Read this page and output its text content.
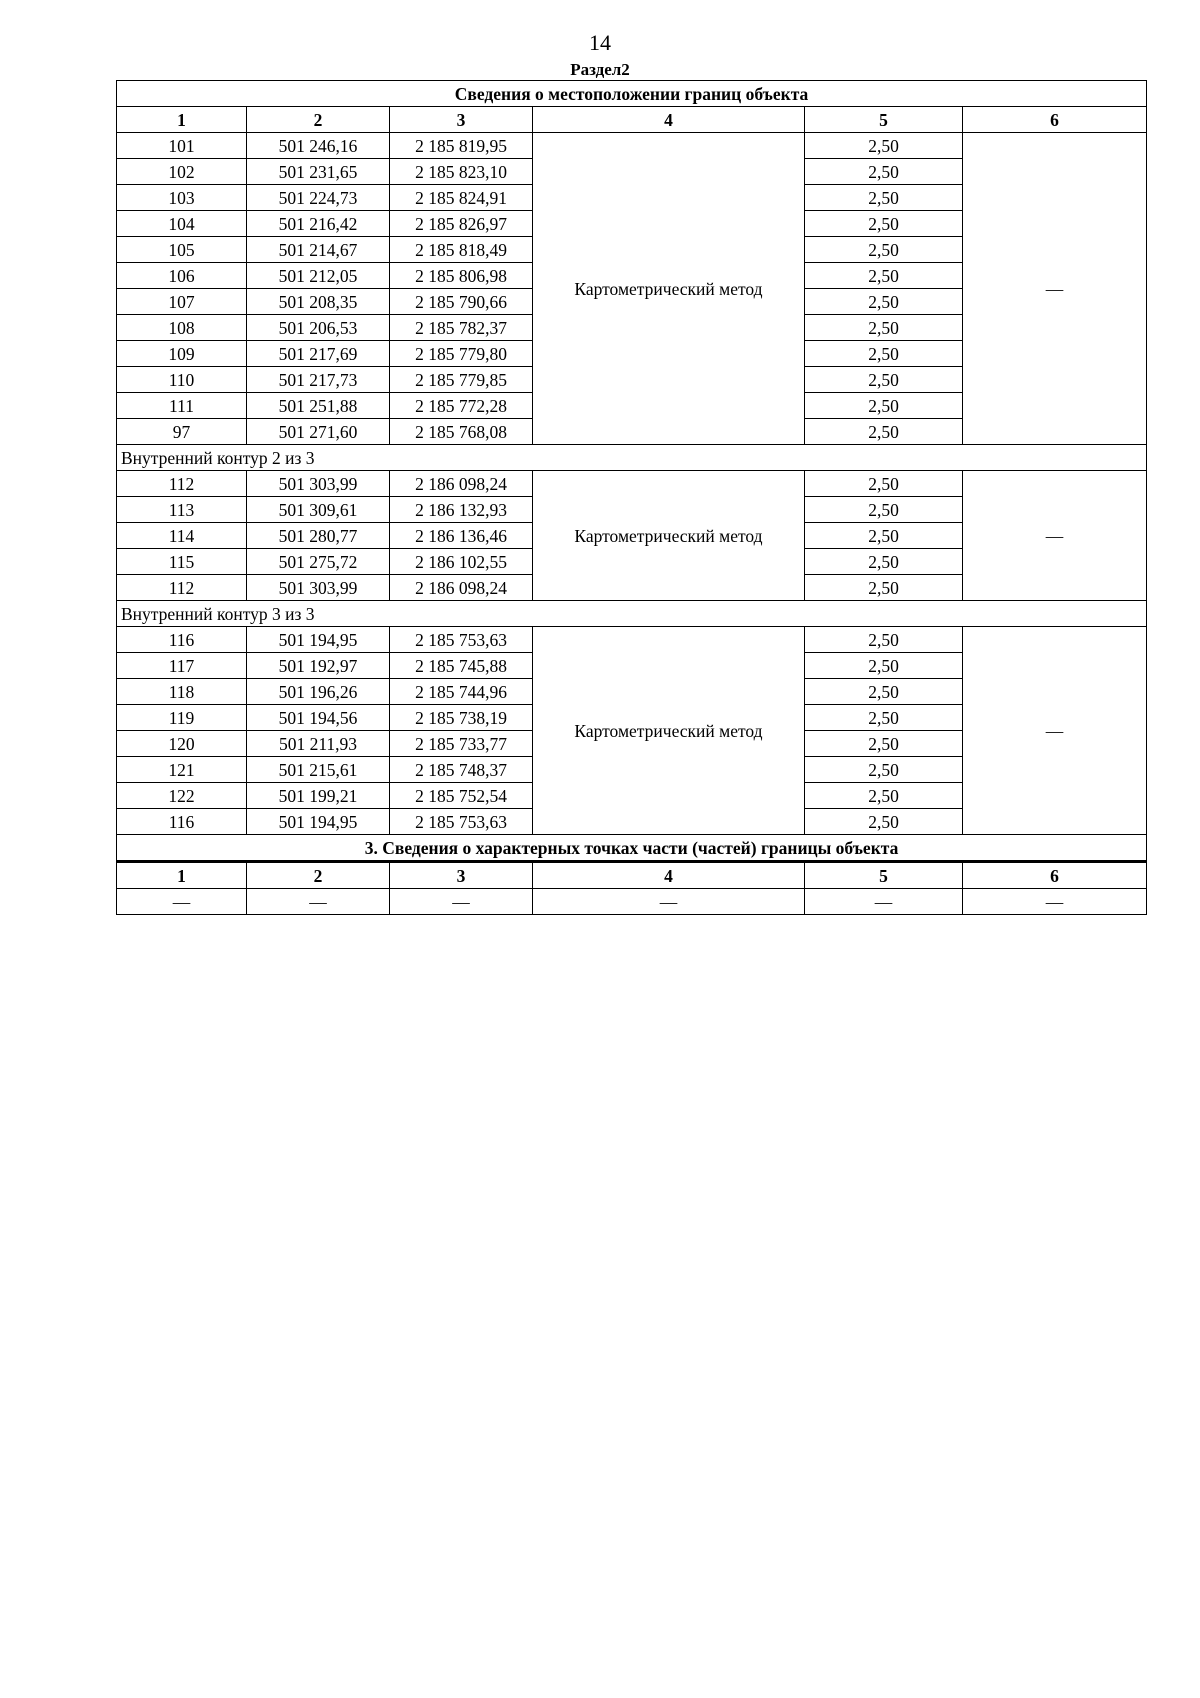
14
Раздел2
Сведения о местоположении границ объекта					
1	2	3	4	5	6
101	501 246,16	2 185 819,95	Картометрический метод	2,50	—
102	501 231,65	2 185 823,10		2,50	
103	501 224,73	2 185 824,91		2,50	
104	501 216,42	2 185 826,97		2,50	
105	501 214,67	2 185 818,49		2,50	
106	501 212,05	2 185 806,98		2,50	
107	501 208,35	2 185 790,66		2,50	
108	501 206,53	2 185 782,37		2,50	
109	501 217,69	2 185 779,80		2,50	
110	501 217,73	2 185 779,85		2,50	
111	501 251,88	2 185 772,28		2,50	
97	501 271,60	2 185 768,08		2,50	
Внутренний контур 2 из 3					
112	501 303,99	2 186 098,24	Картометрический метод	2,50	—
113	501 309,61	2 186 132,93		2,50	
114	501 280,77	2 186 136,46		2,50	
115	501 275,72	2 186 102,55		2,50	
112	501 303,99	2 186 098,24		2,50	
Внутренний контур 3 из 3					
116	501 194,95	2 185 753,63	Картометрический метод	2,50	—
117	501 192,97	2 185 745,88		2,50	
118	501 196,26	2 185 744,96		2,50	
119	501 194,56	2 185 738,19		2,50	
120	501 211,93	2 185 733,77		2,50	
121	501 215,61	2 185 748,37		2,50	
122	501 199,21	2 185 752,54		2,50	
116	501 194,95	2 185 753,63		2,50	
3. Сведения о характерных точках части (частей) границы объекта					
1	2	3	4	5	6
—	—	—	—	—	—
